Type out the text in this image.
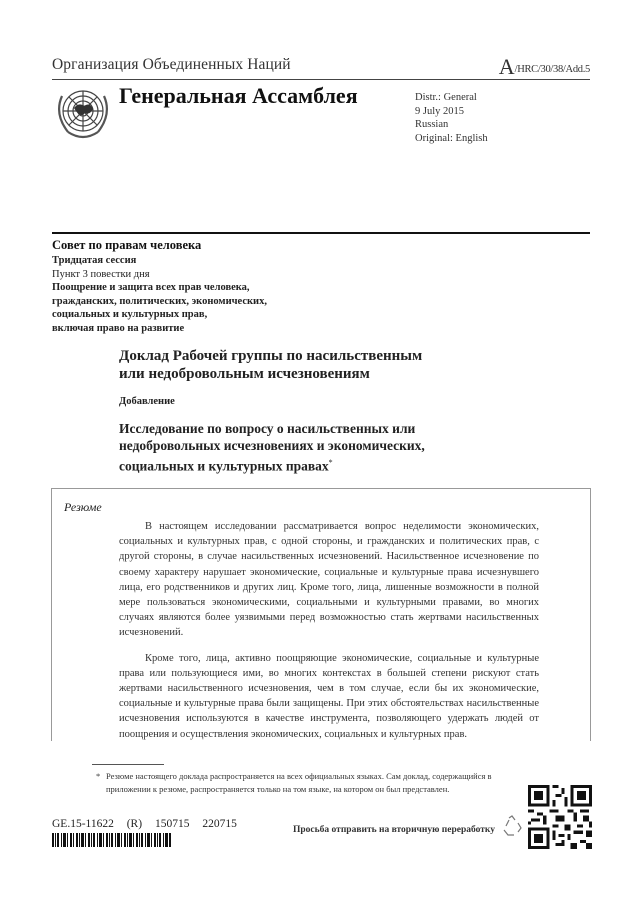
Организация Объединенных Наций	A/HRC/30/38/Add.5
Генеральная Ассамблея	Distr.: General
9 July 2015
Russian
Original: English
Совет по правам человека
Тридцатая сессия
Пункт 3 повестки дня
Поощрение и защита всех прав человека,
гражданских, политических, экономических,
социальных и культурных прав,
включая право на развитие
Доклад Рабочей группы по насильственным
или недобровольным исчезновениям
Добавление
Исследование по вопросу о насильственных или
недобровольных исчезновениях и экономических,
социальных и культурных правах*
Резюме

В настоящем исследовании рассматривается вопрос неделимости экономических, социальных и культурных прав, с одной стороны, и гражданских и политических прав, с другой стороны, в случае насильственных исчезновений. Насильственное исчезновение по своему характеру нарушает экономические, социальные и культурные права исчезнувшего лица, его родственников и других лиц. Кроме того, лица, лишенные возможности в полной мере пользоваться экономическими, социальными и культурными правами, во многих случаях являются более уязвимыми перед возможностью стать жертвами насильственных исчезновений.

Кроме того, лица, активно поощряющие экономические, социальные и культурные права или пользующиеся ими, во многих контекстах в большей степени рискуют стать жертвами насильственного исчезновения, чем в том случае, если бы их экономические, социальные и культурные права были защищены. При этих обстоятельствах насильственные исчезновения используются в качестве инструмента, позволяющего удержать людей от поощрения и осуществления экономических, социальных и культурных прав.

* Резюме настоящего доклада распространяется на всех официальных языках. Сам доклад, содержащийся в приложении к резюме, распространяется только на том языке, на котором он был представлен.
GE.15-11622 (R) 150715 220715	Просьба отправить на вторичную переработку
